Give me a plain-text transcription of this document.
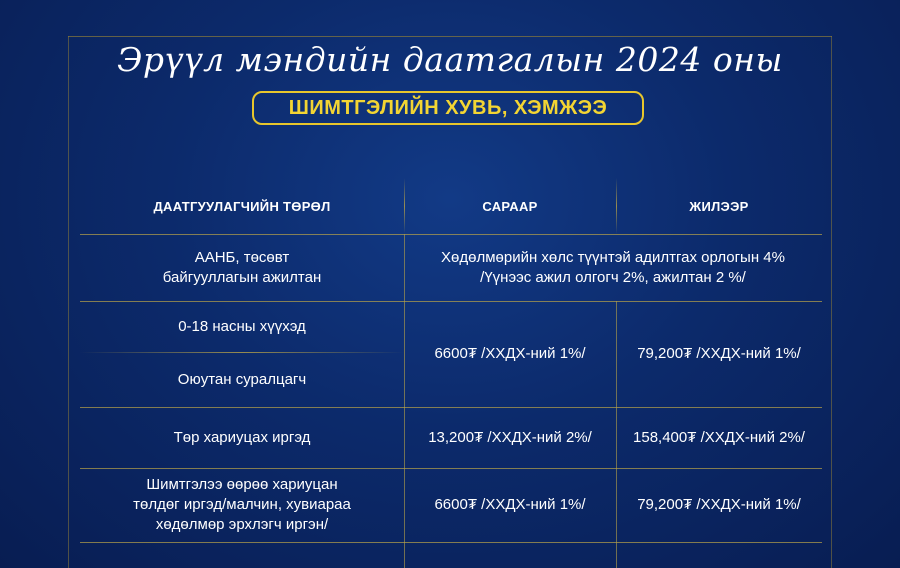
Эрүүл мэндийн даатгалын 2024 оны
ШИМТГЭЛИЙН ХУВЬ, ХЭМЖЭЭ
ДААТГУУЛАГЧИЙН ТӨРӨЛ	САРААР	ЖИЛЭЭР
ААНБ, төсөвт
байгууллагын ажилтан
Хөдөлмөрийн хөлс түүнтэй адилтгах орлогын 4%
/Үүнээс ажил олгогч 2%, ажилтан 2 %/
0-18 насны хүүхэд
Оюутан суралцагч
6600₮ /ХХДХ-ний 1%/	79,200₮ /ХХДХ-ний 1%/
Төр хариуцах иргэд	13,200₮ /ХХДХ-ний 2%/	158,400₮ /ХХДХ-ний 2%/
Шимтгэлээ өөрөө хариуцан
төлдөг иргэд/малчин, хувиараа
хөдөлмөр эрхлэгч иргэн/
6600₮ /ХХДХ-ний 1%/	79,200₮ /ХХДХ-ний 1%/
